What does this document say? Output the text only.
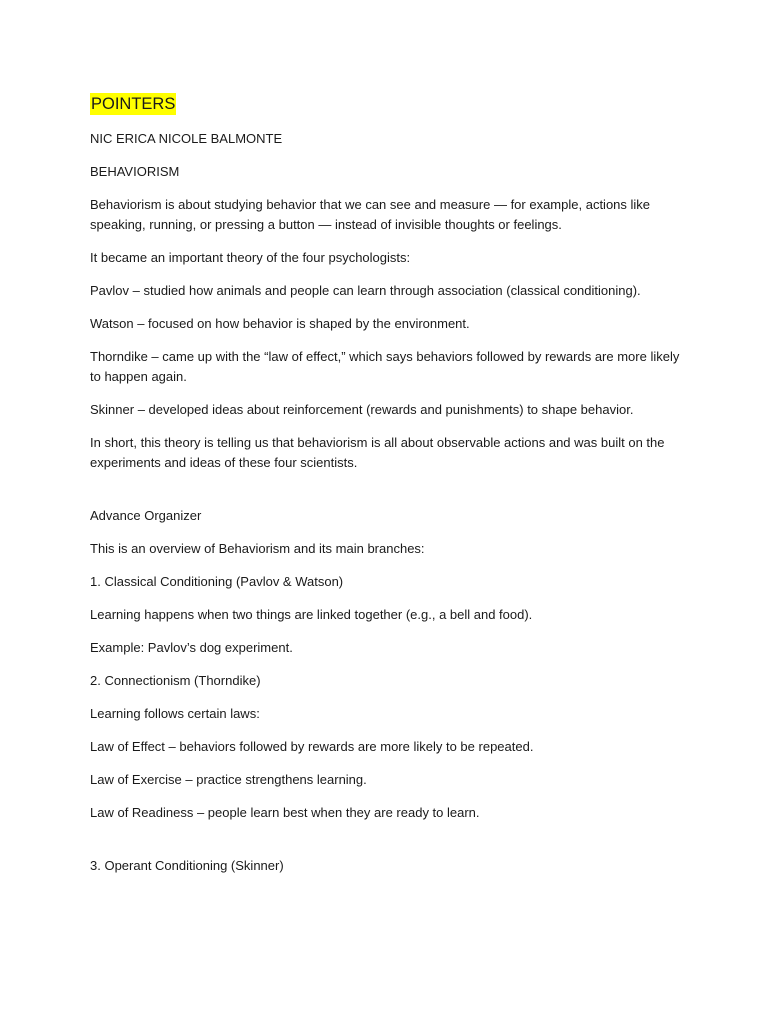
POINTERS

NIC ERICA NICOLE BALMONTE

BEHAVIORISM

Behaviorism is about studying behavior that we can see and measure — for example, actions like speaking, running, or pressing a button — instead of invisible thoughts or feelings.

It became an important theory of the four psychologists:

Pavlov – studied how animals and people can learn through association (classical conditioning).

Watson – focused on how behavior is shaped by the environment.

Thorndike – came up with the “law of effect,” which says behaviors followed by rewards are more likely to happen again.

Skinner – developed ideas about reinforcement (rewards and punishments) to shape behavior.

In short, this theory is telling us that behaviorism is all about observable actions and was built on the experiments and ideas of these four scientists.

Advance Organizer

This is an overview of Behaviorism and its main branches:

1. Classical Conditioning (Pavlov & Watson)

Learning happens when two things are linked together (e.g., a bell and food).

Example: Pavlov’s dog experiment.

2. Connectionism (Thorndike)

Learning follows certain laws:

Law of Effect – behaviors followed by rewards are more likely to be repeated.

Law of Exercise – practice strengthens learning.

Law of Readiness – people learn best when they are ready to learn.

3. Operant Conditioning (Skinner)
